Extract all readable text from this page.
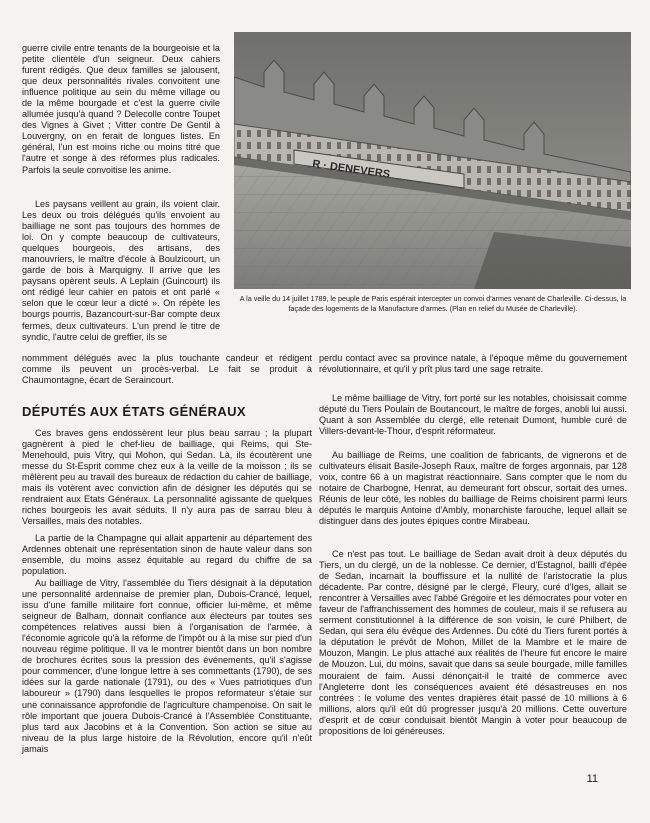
guerre civile entre tenants de la bourgeoisie et la petite clientèle d'un seigneur. Deux cahiers furent rédigés. Que deux familles se jalousent, que deux personnalités rivales convoitent une influence politique au sein du même village ou de la même bourgade et c'est la guerre civile allumée jusqu'à quand ? Delecolle contre Toupet des Vignes à Givet ; Vitter contre De Gentil à Louvergny, on en ferait de longues listes. En général, l'un est moins riche ou moins titré que l'autre et songe à des réformes plus radicales. Parfois la seule convoitise les anime.

Les paysans veillent au grain, ils voient clair. Les deux ou trois délégués qu'ils envoient au bailliage ne sont pas toujours des hommes de loi. On y compte beaucoup de cultivateurs, quelques bourgeois, des artisans, des manouvriers, le maître d'école à Boulzicourt, un garde de bois à Marquigny. Il arrive que les paysans opèrent seuls. A Leplain (Guincourt) ils ont rédigé leur cahier en patois et ont parlé « selon que le cœur leur a dicté ». On répète les bourgs pourris, Bazancourt-sur-Bar compte deux fermes, deux cultivateurs. L'un prend le titre de syndic, l'autre celui de greffier, ils se

R · DENEVERS

A la veille du 14 juillet 1789, le peuple de Paris espérait intercepter un convoi d'armes venant de Charleville. Ci-dessus, la façade des logements de la Manufacture d'armes. (Plan en relief du Musée de Charleville).

nommment délégués avec la plus touchante candeur et rédigent comme ils peuvent un procès-verbal. Le fait se produit à Chaumontagne, écart de Seraincourt.

DÉPUTÉS AUX ÉTATS GÉNÉRAUX

Ces braves gens endossèrent leur plus beau sarrau ; la plupart gagnèrent à pied le chef-lieu de bailliage, qui Reims, qui Ste-Menehould, puis Vitry, qui Mohon, qui Sedan. Là, ils écoutèrent une messe du St-Esprit comme chez eux à la veille de la moisson ; ils se mêlèrent peu au travail des bureaux de rédaction du cahier de bailliage, mais ils votèrent avec conviction afin de désigner les députés qui se rendraient aux Etats Généraux. La personnalité agissante de quelques riches bourgeois les avait séduits. Il n'y aura pas de sarrau bleu à Versailles, mais des notables.

La partie de la Champagne qui allait appartenir au département des Ardennes obtenait une représentation sinon de haute valeur dans son ensemble, du moins assez équitable au regard du chiffre de sa population.

Au bailliage de Vitry, l'assemblée du Tiers désignait à la députation une personnalité ardennaise de premier plan, Dubois-Crancé, lequel, issu d'une famille militaire fort connue, officier lui-même, et même seigneur de Balham, donnait confiance aux électeurs par toutes ses compétences relatives aussi bien à l'organisation de l'armée, à l'économie agricole qu'à la réforme de l'impôt ou à la mise sur pied d'un nouveau régime politique. Il va le montrer bientôt dans un bon nombre de brochures écrites sous la pression des événements, qu'il s'agisse pour commencer, d'une longue lettre à ses commettants (1790), de ses idées sur la garde nationale (1791), ou des « Vues patriotiques d'un laboureur » (1790) dans lesquelles le propos reformateur s'étaie sur une connaissance approfondie de l'agriculture champenoise. On sait le rôle important que jouera Dubois-Crancé à l'Assemblée Constituante, plus tard aux Jacobins et à la Convention. Son action se situe au niveau de la plus large histoire de la Révolution, encore qu'il n'eût jamais

perdu contact avec sa province natale, à l'époque même du gouvernement révolutionnaire, et qu'il y prît plus tard une sage retraite.

Le même bailliage de Vitry, fort porté sur les notables, choisissait comme député du Tiers Poulain de Boutancourt, le maître de forges, anobli lui aussi. Quant à son Assemblée du clergé, elle retenait Dumont, humble curé de Villers-devant-le-Thour, d'esprit réformateur.

Au bailliage de Reims, une coalition de fabricants, de vignerons et de cultivateurs élisait Basile-Joseph Raux, maître de forges argonnais, par 128 voix, contre 66 à un magistrat réactionnaire. Sans compter que le nom du notaire de Charbogne, Henrat, au demeurant fort obscur, sortait des urnes. Réunis de leur côté, les nobles du bailliage de Reims choisirent parmi leurs députés le marquis Antoine d'Ambly, monarchiste farouche, lequel allait se distinguer dans des joutes épiques contre Mirabeau.

Ce n'est pas tout. Le bailliage de Sedan avait droit à deux députés du Tiers, un du clergé, un de la noblesse. Ce dernier, d'Estagnol, bailli d'épée de Sedan, incarnait la bouffissure et la nullité de l'aristocratie la plus décadente. Par contre, désigné par le clergé, Fleury, curé d'Iges, allait se rencontrer à Versailles avec l'abbé Grégoire et les démocrates pour voter en faveur de l'affranchissement des hommes de couleur, mais il se refusera au serment constitutionnel à la différence de son voisin, le curé Philbert, de Sedan, qui sera élu évêque des Ardennes. Du côté du Tiers furent portés à la députation le prévôt de Mohon, Millet de la Mambre et le maire de Mouzon, Mangin. Le plus attaché aux réalités de l'heure fut encore le maire de Mouzon. Lui, du moins, savait que dans sa seule bourgade, mille familles mouraient de faim. Aussi dénonçait-il le traité de commerce avec l'Angleterre dont les conséquences avaient été désastreuses en nos contrées : le volume des ventes drapières était passé de 10 millions à 6 millions, alors qu'il eût dû progresser jusqu'à 20 millions. Cette ouverture d'esprit et de cœur conduisait bientôt Mangin à voter pour beaucoup de propositions de loi généreuses.

11
